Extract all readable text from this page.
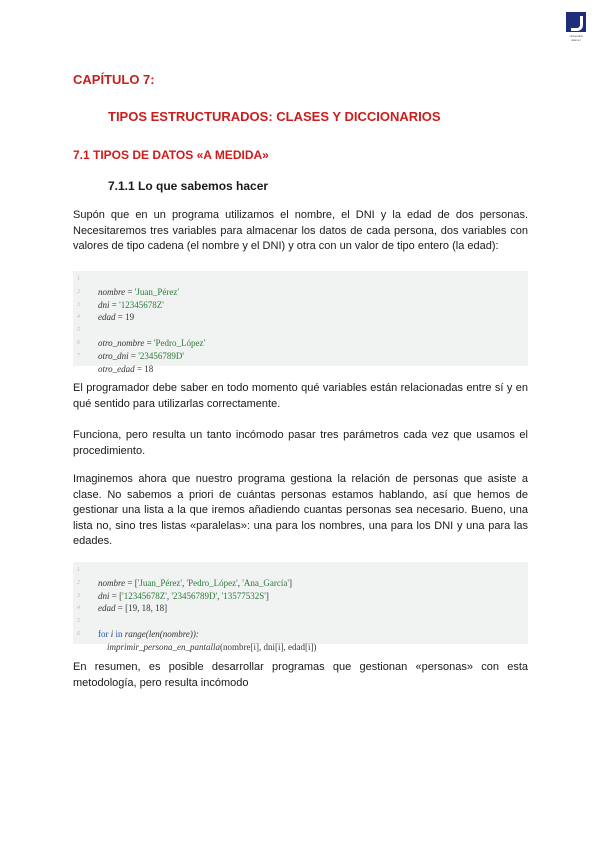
Universitat
Jaume I
CAPÍTULO 7:
TIPOS ESTRUCTURADOS: CLASES Y DICCIONARIOS
7.1 TIPOS DE DATOS «A MEDIDA»
7.1.1 Lo que sabemos hacer
Supón que en un programa utilizamos el nombre, el DNI y la edad de dos personas. Necesitaremos tres variables para almacenar los datos de cada persona, dos variables con valores de tipo cadena (el nombre y el DNI) y otra con un valor de tipo entero (la edad):

1
nombre = 'Juan_Pérez'

2
dni = '12345678Z'

3
edad = 19

4

5
otro_nombre = 'Pedro_López'

6
otro_dni = '23456789D'

7
otro_edad = 18

El programador debe saber en todo momento qué variables están relacionadas entre sí y en qué sentido para utilizarlas correctamente.
Funciona, pero resulta un tanto incómodo pasar tres parámetros cada vez que usamos el procedimiento.
Imaginemos ahora que nuestro programa gestiona la relación de personas que asiste a clase. No sabemos a priori de cuántas personas estamos hablando, así que hemos de gestionar una lista a la que iremos añadiendo cuantas personas sea necesario. Bueno, una lista no, sino tres listas «paralelas»: una para los nombres, una para los DNI y una para las edades.

1
nombre = ['Juan_Pérez', 'Pedro_López', 'Ana_García']

2
dni = ['12345678Z', '23456789D', '13577532S']

3
edad = [19, 18, 18]

4

5
for i in range(len(nombre)):

6
imprimir_persona_en_pantalla(nombre[i], dni[i], edad[i])

En resumen, es posible desarrollar programas que gestionan «personas» con esta metodología, pero resulta incómodo
